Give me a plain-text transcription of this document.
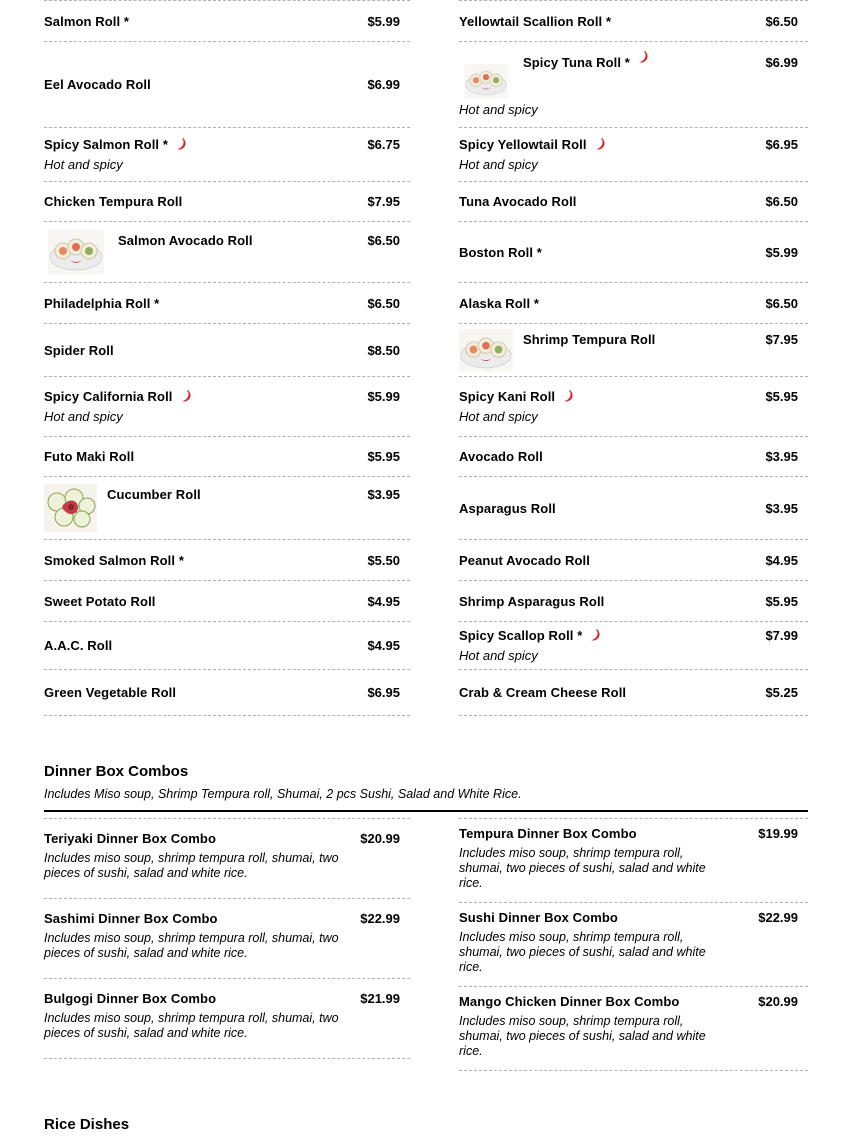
Salmon Roll *	$5.99	Yellowtail Scallion Roll *	$6.50
Eel Avocado Roll	$6.99
Spicy Tuna Roll *	$6.99
Hot and spicy
Spicy Salmon Roll *	$6.75
Hot and spicy
Spicy Yellowtail Roll	$6.95
Hot and spicy
Chicken Tempura Roll	$7.95	Tuna Avocado Roll	$6.50
Salmon Avocado Roll	$6.50
Boston Roll *	$5.99
Philadelphia Roll *	$6.50	Alaska Roll *	$6.50
Spider Roll	$8.50
Shrimp Tempura Roll	$7.95
Spicy California Roll	$5.99
Hot and spicy
Spicy Kani Roll	$5.95
Hot and spicy
Futo Maki Roll	$5.95	Avocado Roll	$3.95
Cucumber Roll	$3.95
Asparagus Roll	$3.95
Smoked Salmon Roll *	$5.50	Peanut Avocado Roll	$4.95
Sweet Potato Roll	$4.95	Shrimp Asparagus Roll	$5.95
A.A.C. Roll	$4.95
Spicy Scallop Roll *	$7.99
Hot and spicy
Green Vegetable Roll	$6.95	Crab & Cream Cheese Roll	$5.25
Dinner Box Combos
Includes Miso soup, Shrimp Tempura roll, Shumai, 2 pcs Sushi, Salad and White Rice.
Teriyaki Dinner Box Combo	$20.99
Includes miso soup, shrimp tempura roll, shumai, two pieces of sushi, salad and white rice.
Sashimi Dinner Box Combo	$22.99
Includes miso soup, shrimp tempura roll, shumai, two pieces of sushi, salad and white rice.
Bulgogi Dinner Box Combo	$21.99
Includes miso soup, shrimp tempura roll, shumai, two pieces of sushi, salad and white rice.
Tempura Dinner Box Combo	$19.99
Includes miso soup, shrimp tempura roll, shumai, two pieces of sushi, salad and white rice.
Sushi Dinner Box Combo	$22.99
Includes miso soup, shrimp tempura roll, shumai, two pieces of sushi, salad and white rice.
Mango Chicken Dinner Box Combo	$20.99
Includes miso soup, shrimp tempura roll, shumai, two pieces of sushi, salad and white rice.
Rice Dishes
